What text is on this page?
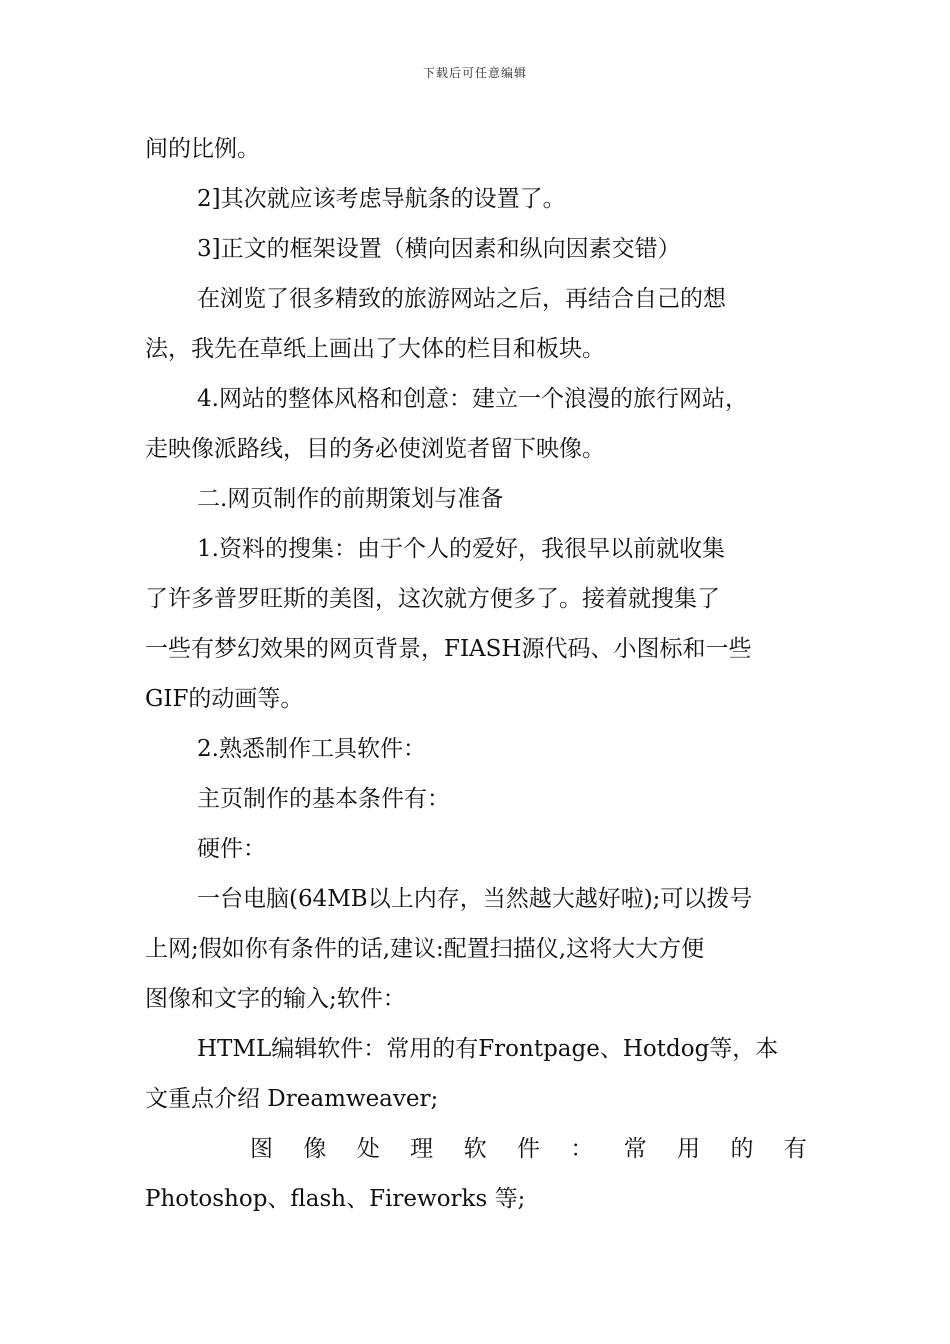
下载后可任意编辑
间的比例。
2]其次就应该考虑导航条的设置了。
3]正文的框架设置（横向因素和纵向因素交错）
在浏览了很多精致的旅游网站之后，再结合自己的想
法，我先在草纸上画出了大体的栏目和板块。
4.网站的整体风格和创意：建立一个浪漫的旅行网站，
走映像派路线，目的务必使浏览者留下映像。
二.网页制作的前期策划与准备
1.资料的搜集：由于个人的爱好，我很早以前就收集
了许多普罗旺斯的美图，这次就方便多了。接着就搜集了
一些有梦幻效果的网页背景，FIASH源代码、小图标和一些
GIF的动画等。
2.熟悉制作工具软件：
主页制作的基本条件有：
硬件：
一台电脑(64MB以上内存，当然越大越好啦);可以拨号
上网;假如你有条件的话,建议:配置扫描仪,这将大大方便
图像和文字的输入;软件：
HTML编辑软件：常用的有Frontpage、Hotdog等，本
文重点介绍 Dreamweaver;
图 像 处 理 软 件 ： 常 用 的 有
Photoshop、flash、Fireworks 等;
